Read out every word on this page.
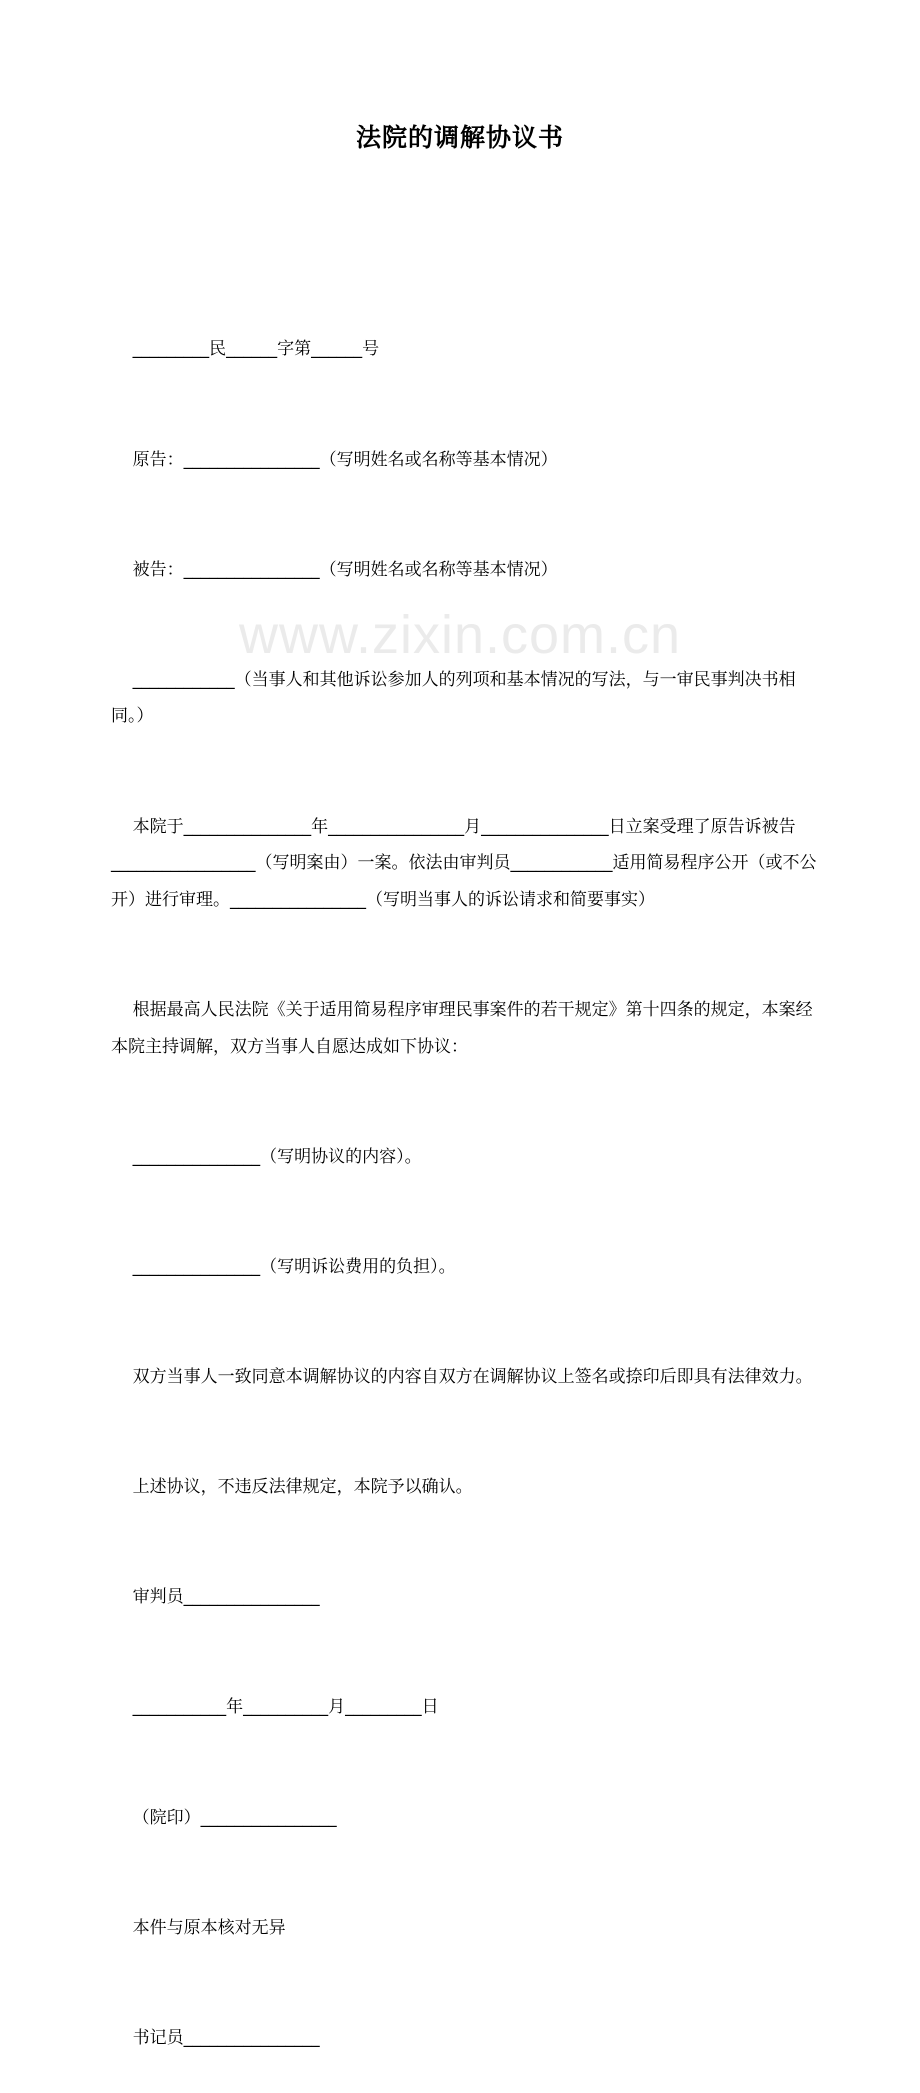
法院的调解协议书

_________民______字第______号

原告：________________（写明姓名或名称等基本情况）

被告：________________（写明姓名或名称等基本情况）

____________（当事人和其他诉讼参加人的列项和基本情况的写法，与一审民事判决书相同。）

本院于_______________年________________月_______________日立案受理了原告诉被告_________________（写明案由）一案。依法由审判员____________适用简易程序公开（或不公开）进行审理。________________（写明当事人的诉讼请求和简要事实）

根据最高人民法院《关于适用简易程序审理民事案件的若干规定》第十四条的规定，本案经本院主持调解，双方当事人自愿达成如下协议：

_______________（写明协议的内容）。

_______________（写明诉讼费用的负担）。

双方当事人一致同意本调解协议的内容自双方在调解协议上签名或捺印后即具有法律效力。

上述协议，不违反法律规定，本院予以确认。

审判员________________

___________年__________月_________日

（院印）________________

本件与原本核对无异

书记员________________

www.zixin.com.cn
